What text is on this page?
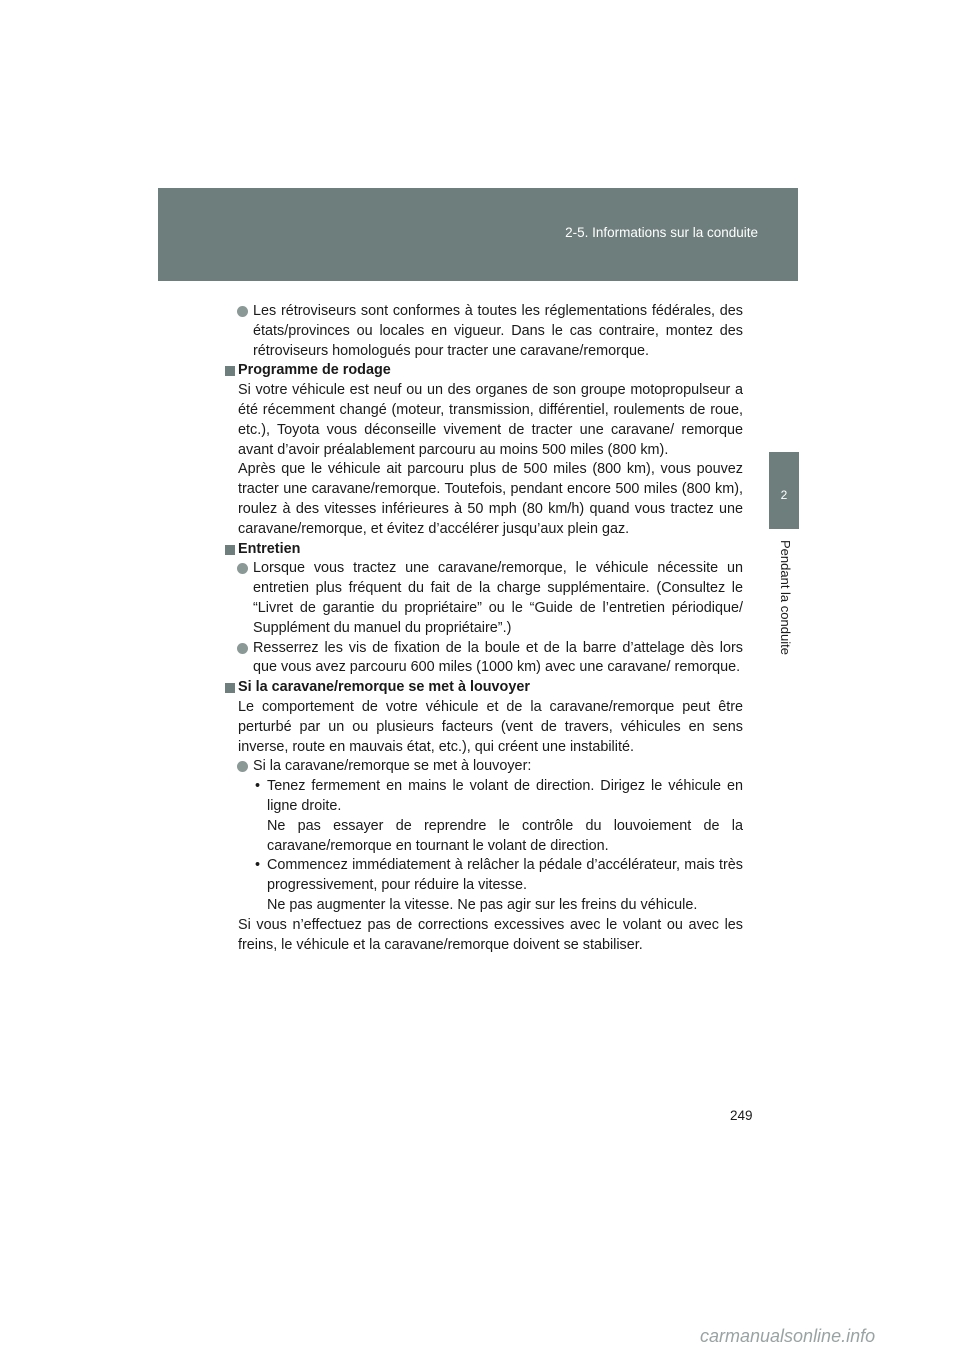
2-5. Informations sur la conduite
2
Pendant la conduite

Les rétroviseurs sont conformes à toutes les réglementations fédérales, des états/provinces ou locales en vigueur. Dans le cas contraire, montez des rétroviseurs homologués pour tracter une caravane/remorque.

Programme de rodage

Si votre véhicule est neuf ou un des organes de son groupe motopropulseur a été récemment changé (moteur, transmission, différentiel, roulements de roue, etc.), Toyota vous déconseille vivement de tracter une caravane/ remorque avant d’avoir préalablement parcouru au moins 500 miles (800 km).

Après que le véhicule ait parcouru plus de 500 miles (800 km), vous pouvez tracter une caravane/remorque. Toutefois, pendant encore 500 miles (800 km), roulez à des vitesses inférieures à 50 mph (80 km/h) quand vous tractez une caravane/remorque, et évitez d’accélérer jusqu’aux plein gaz.

Entretien

Lorsque vous tractez une caravane/remorque, le véhicule nécessite un entretien plus fréquent du fait de la charge supplémentaire. (Consultez le “Livret de garantie du propriétaire” ou le “Guide de l’entretien périodique/ Supplément du manuel du propriétaire”.)

Resserrez les vis de fixation de la boule et de la barre d’attelage dès lors que vous avez parcouru 600 miles (1000 km) avec une caravane/ remorque.

Si la caravane/remorque se met à louvoyer

Le comportement de votre véhicule et de la caravane/remorque peut être perturbé par un ou plusieurs facteurs (vent de travers, véhicules en sens inverse, route en mauvais état, etc.), qui créent une instabilité.

Si la caravane/remorque se met à louvoyer:

• Tenez fermement en mains le volant de direction. Dirigez le véhicule en ligne droite.

Ne pas essayer de reprendre le contrôle du louvoiement de la caravane/remorque en tournant le volant de direction.

• Commencez immédiatement à relâcher la pédale d’accélérateur, mais très progressivement, pour réduire la vitesse.

Ne pas augmenter la vitesse. Ne pas agir sur les freins du véhicule.

Si vous n’effectuez pas de corrections excessives avec le volant ou avec les freins, le véhicule et la caravane/remorque doivent se stabiliser.

249
carmanualsonline.info
